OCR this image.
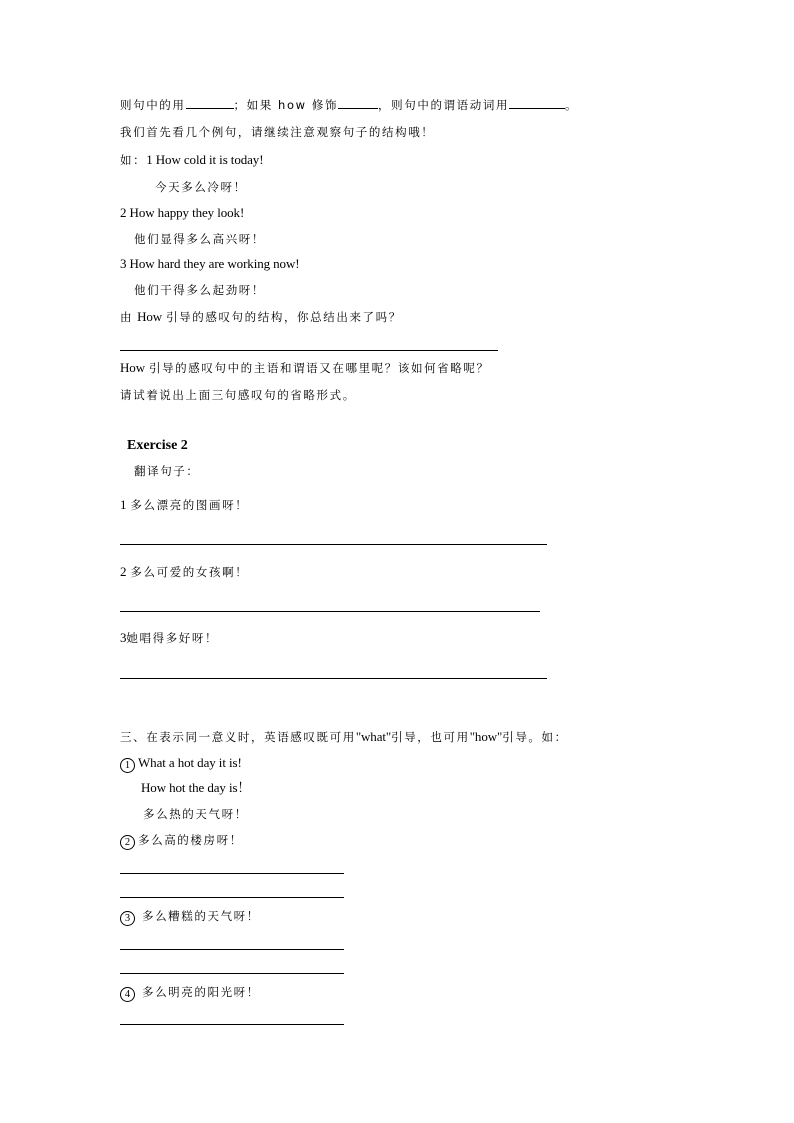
则句中的用	；如果 how 修饰	，则句中的谓语动词用	。
我们首先看几个例句，请继续注意观察句子的结构哦！
如：1 How cold it is today!
今天多么冷呀！
2 How happy they look!
他们显得多么高兴呀！
3 How hard they are working now!
他们干得多么起劲呀！
由 How 引导的感叹句的结构，你总结出来了吗？
How 引导的感叹句中的主语和谓语又在哪里呢？该如何省略呢？
请试着说出上面三句感叹句的省略形式。
Exercise 2
翻译句子：
1 多么漂亮的图画呀！
2 多么可爱的女孩啊！
3她唱得多好呀！
三、在表示同一意义时，英语感叹既可用"what"引导，也可用"how"引导。如：
1 What a hot day it is!
How hot the day is！
多么热的天气呀！
2 多么高的楼房呀！
3 多么糟糕的天气呀！
4 多么明亮的阳光呀！
